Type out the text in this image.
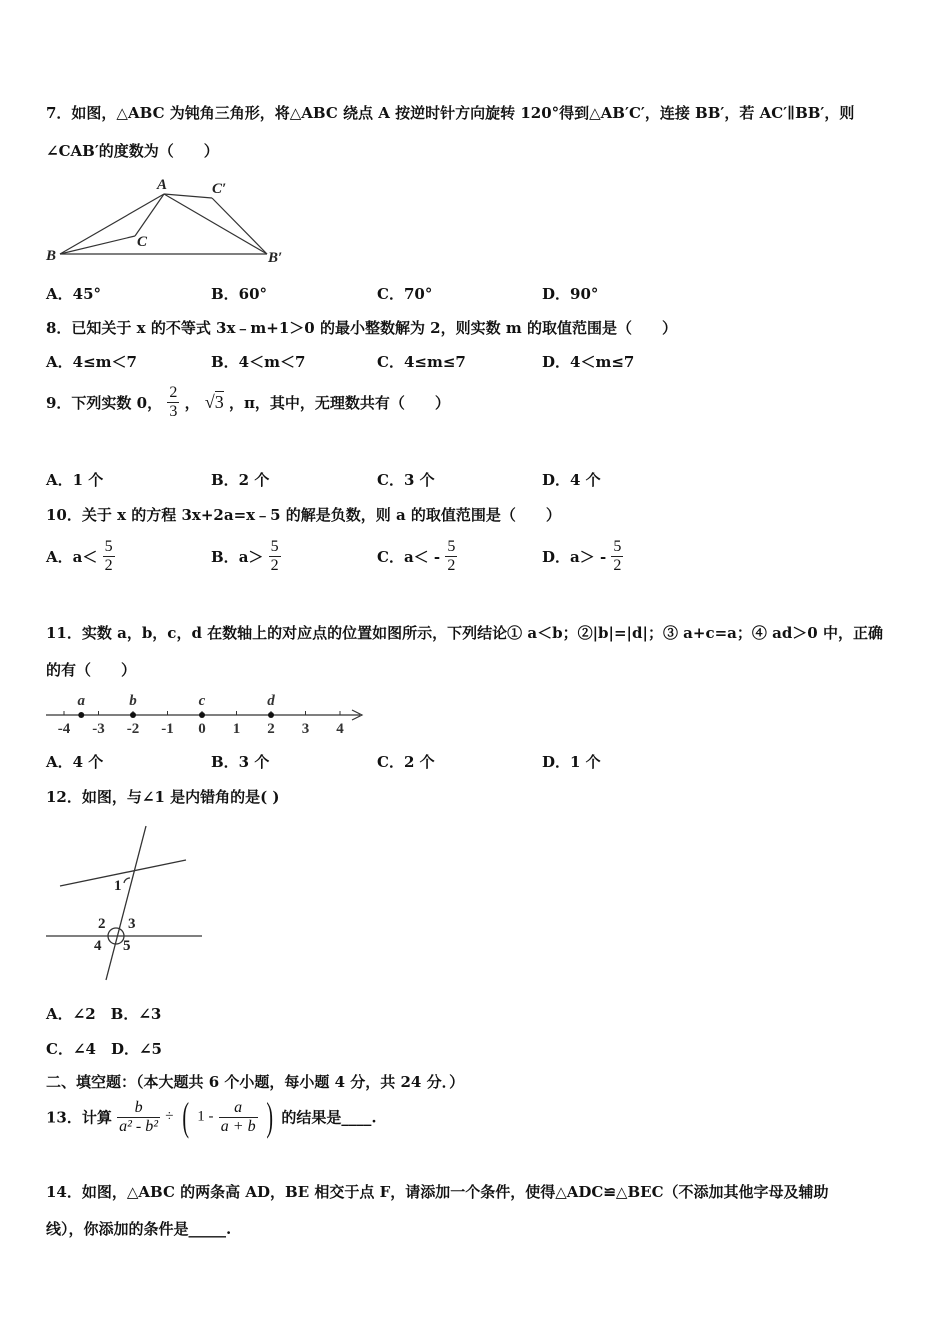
7．如图，△ABC 为钝角三角形，将△ABC 绕点 A 按逆时针方向旋转 120°得到△AB′C′，连接 BB′，若 AC′∥BB′，则
∠CAB′的度数为（　　）
A	C′
C
B	B′
A．45°	B．60°	C．70°	D．90°
8．已知关于 x 的不等式 3x﹣m+1＞0 的最小整数解为 2，则实数 m 的取值范围是（　　）
A．4≤m＜7	B．4＜m＜7	C．4≤m≤7	D．4＜m≤7
9．下列实数 0， $\frac{2}{3}$ ， √3 ，π，其中，无理数共有（　　）
A．1 个	B．2 个	C．3 个	D．4 个
10．关于 x 的方程 3x+2a=x﹣5 的解是负数，则 a 的取值范围是（　　）
A．$a< \frac{5}{2}$	B．$a> \frac{5}{2}$	C．$a< - \frac{5}{2}$	D．$a> - \frac{5}{2}$
11．实数 a，b，c，d 在数轴上的对应点的位置如图所示，下列结论① a＜b；②|b|=|d|；③ a+c=a；④ ad＞0 中，正确
的有（　　）
-4 -3 -2 -1 0 1 2 3 4
a	b	c	d
A．4 个	B．3 个	C．2 个	D．1 个
12．如图，与∠1 是内错角的是( )
1
2 3
4 5
A．∠2　B．∠3
C．∠4　D．∠5
二、填空题：（本大题共 6 个小题，每小题 4 分，共 24 分．）
13．计算 $\frac{b}{\text{a² - b²}}$ ÷ ( $1 - \frac{a}{a + b}$ ) 的结果是____.
14．如图，△ABC 的两条高 AD，BE 相交于点 F，请添加一个条件，使得△ADC≌△BEC（不添加其他字母及辅助
线），你添加的条件是_____.
